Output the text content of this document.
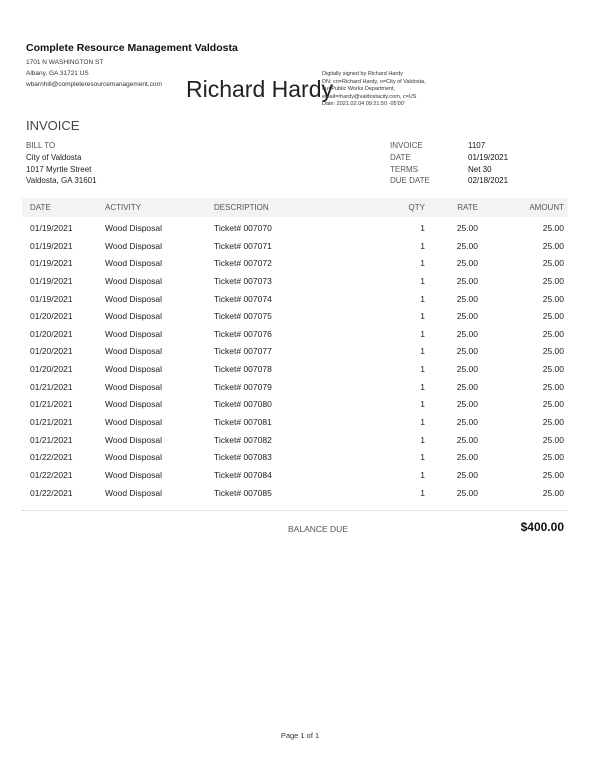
Complete Resource Management Valdosta
1701 N WASHINGTON ST
Albany, GA 31721 US
wbarnhill@completeresourcemanagement.com Richard Hardy
Digitally signed by Richard Hardy
DN: cn=Richard Hardy, o=City of Valdosta,
ou=Public Works Department,
email=rhardy@valdostacity.com, c=US
Date: 2021.02.04 09:21:50 -05'00'
INVOICE
BILL TO
City of Valdosta
1017 Myrtle Street
Valdosta, GA 31601
INVOICE	1107
DATE	01/19/2021
TERMS	Net 30
DUE DATE	02/18/2021
DATE	ACTIVITY	DESCRIPTION	QTY	RATE	AMOUNT
01/19/2021	Wood Disposal	Ticket# 007070	1	25.00	25.00
01/19/2021	Wood Disposal	Ticket# 007071	1	25.00	25.00
01/19/2021	Wood Disposal	Ticket# 007072	1	25.00	25.00
01/19/2021	Wood Disposal	Ticket# 007073	1	25.00	25.00
01/19/2021	Wood Disposal	Ticket# 007074	1	25.00	25.00
01/20/2021	Wood Disposal	Ticket# 007075	1	25.00	25.00
01/20/2021	Wood Disposal	Ticket# 007076	1	25.00	25.00
01/20/2021	Wood Disposal	Ticket# 007077	1	25.00	25.00
01/20/2021	Wood Disposal	Ticket# 007078	1	25.00	25.00
01/21/2021	Wood Disposal	Ticket# 007079	1	25.00	25.00
01/21/2021	Wood Disposal	Ticket# 007080	1	25.00	25.00
01/21/2021	Wood Disposal	Ticket# 007081	1	25.00	25.00
01/21/2021	Wood Disposal	Ticket# 007082	1	25.00	25.00
01/22/2021	Wood Disposal	Ticket# 007083	1	25.00	25.00
01/22/2021	Wood Disposal	Ticket# 007084	1	25.00	25.00
01/22/2021	Wood Disposal	Ticket# 007085	1	25.00	25.00
BALANCE DUE	$400.00
Page 1 of 1
